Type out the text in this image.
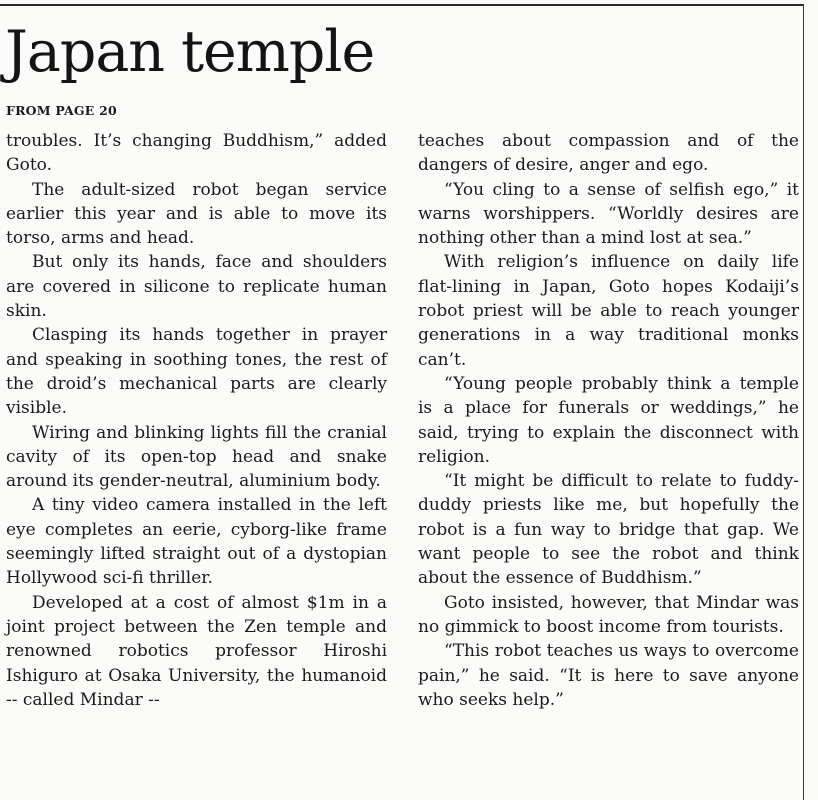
Japan temple
FROM PAGE 20

troubles. It’s changing Buddhism,” added Goto.

The adult-sized robot began service earlier this year and is able to move its torso, arms and head.

But only its hands, face and shoulders are covered in silicone to replicate human skin.

Clasping its hands together in prayer and speaking in soothing tones, the rest of the droid’s mechanical parts are clearly visible.

Wiring and blinking lights fill the cranial cavity of its open-top head and snake around its gender-neutral, aluminium body.

A tiny video camera installed in the left eye completes an eerie, cyborg-like frame seemingly lifted straight out of a dystopian Hollywood sci-fi thriller.

Developed at a cost of almost $1m in a joint project between the Zen temple and renowned robotics professor Hiroshi Ishiguro at Osaka University, the humanoid -- called Mindar --

teaches about compassion and of the dangers of desire, anger and ego.

“You cling to a sense of selfish ego,” it warns worshippers. “Worldly desires are nothing other than a mind lost at sea.”

With religion’s influence on daily life flat-lining in Japan, Goto hopes Kodaiji’s robot priest will be able to reach younger generations in a way traditional monks can’t.

“Young people probably think a temple is a place for funerals or weddings,” he said, trying to explain the disconnect with religion.

“It might be difficult to relate to fuddy-duddy priests like me, but hopefully the robot is a fun way to bridge that gap. We want people to see the robot and think about the essence of Buddhism.”

Goto insisted, however, that Mindar was no gimmick to boost income from tourists.

“This robot teaches us ways to overcome pain,” he said. “It is here to save anyone who seeks help.”
